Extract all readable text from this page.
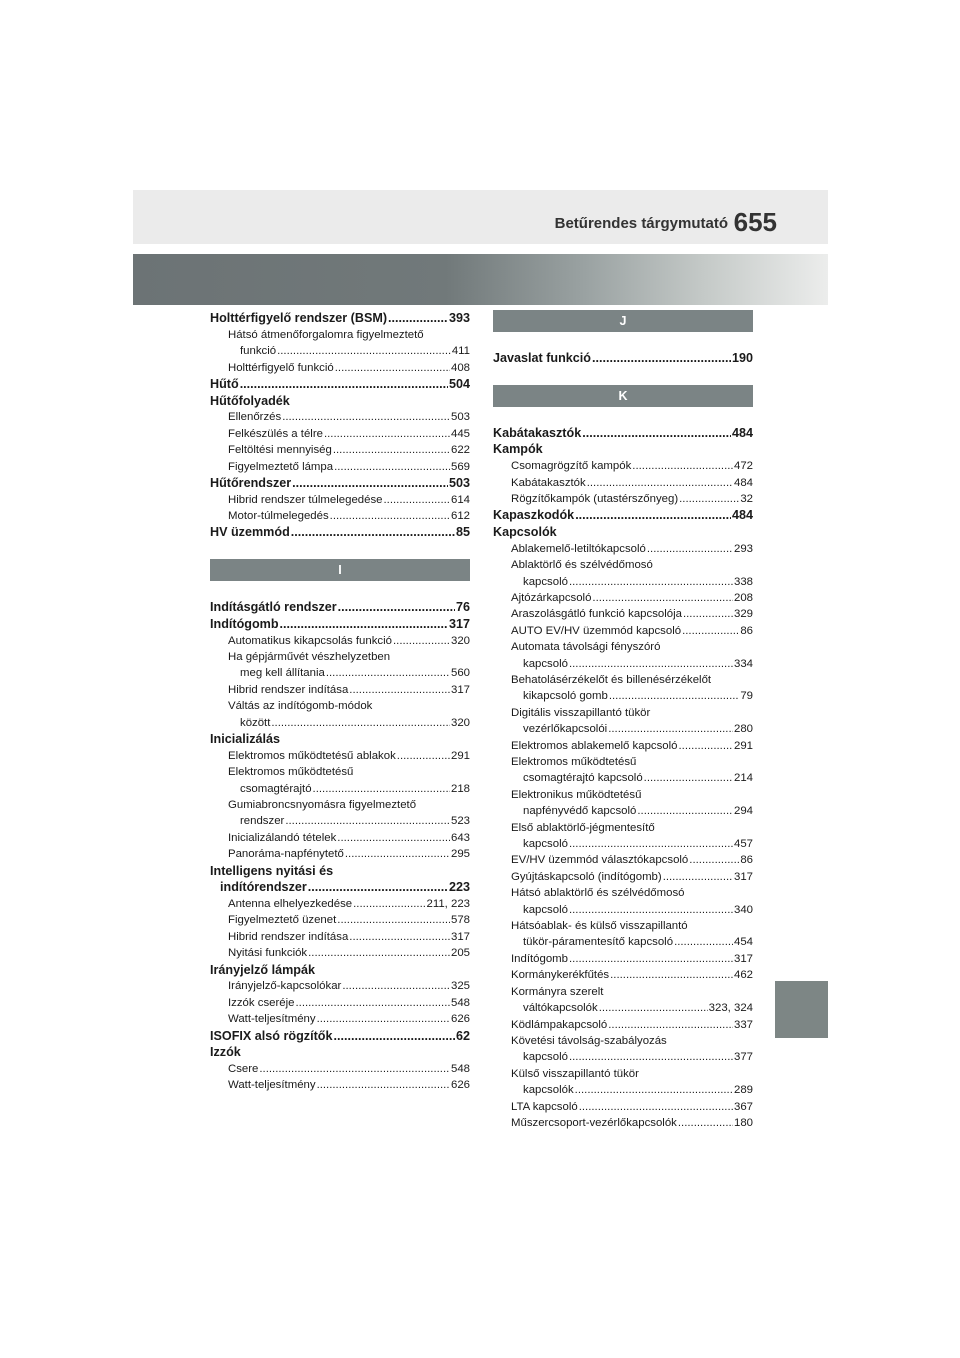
Betűrendes tárgymutató 655
Holttérfigyelő rendszer (BSM) .....	393
Hátsó átmenőforgalomra figyelmeztető
funkció .....	411
Holttérfigyelő funkció .....	408
Hűtő .....	504
Hűtőfolyadék
Ellenőrzés .....	503
Felkészülés a télre .....	445
Feltöltési mennyiség .....	622
Figyelmeztető lámpa .....	569
Hűtőrendszer .....	503
Hibrid rendszer túlmelegedése .....	614
Motor-túlmelegedés .....	612
HV üzemmód .....	85
I
Indításgátló rendszer .....	76
Indítógomb .....	317
Automatikus kikapcsolás funkció .....	320
Ha gépjárművét vészhelyzetben
meg kell állítania .....	560
Hibrid rendszer indítása .....	317
Váltás az indítógomb-módok
között .....	320
Inicializálás
Elektromos működtetésű ablakok .....	291
Elektromos működtetésű
csomagtérajtó .....	218
Gumiabroncsnyomásra figyelmeztető
rendszer .....	523
Inicializálandó tételek .....	643
Panoráma-napfénytető .....	295
Intelligens nyitási és
indítórendszer .....	223
Antenna elhelyezkedése .....	211, 223
Figyelmeztető üzenet .....	578
Hibrid rendszer indítása .....	317
Nyitási funkciók .....	205
Irányjelző lámpák
Irányjelző-kapcsolókar .....	325
Izzók cseréje .....	548
Watt-teljesítmény .....	626
ISOFIX alsó rögzítők .....	62
Izzók
Csere .....	548
Watt-teljesítmény .....	626
J
Javaslat funkció .....	190
K
Kabátakasztók .....	484
Kampók
Csomagrögzítő kampók .....	472
Kabátakasztók .....	484
Rögzítőkampók (utastérszőnyeg) .....	32
Kapaszkodók .....	484
Kapcsolók
Ablakemelő-letiltókapcsoló .....	293
Ablaktörlő és szélvédőmosó
kapcsoló .....	338
Ajtózárkapcsoló .....	208
Araszolásgátló funkció kapcsolója .....	329
AUTO EV/HV üzemmód kapcsoló .....	86
Automata távolsági fényszóró
kapcsoló .....	334
Behatolásérzékelőt és billenésérzékelőt
kikapcsoló gomb .....	79
Digitális visszapillantó tükör
vezérlőkapcsolói .....	280
Elektromos ablakemelő kapcsoló .....	291
Elektromos működtetésű
csomagtérajtó kapcsoló .....	214
Elektronikus működtetésű
napfényvédő kapcsoló .....	294
Első ablaktörlő-jégmentesítő
kapcsoló .....	457
EV/HV üzemmód választókapcsoló .....	86
Gyújtáskapcsoló (indítógomb) .....	317
Hátsó ablaktörlő és szélvédőmosó
kapcsoló .....	340
Hátsóablak- és külső visszapillantó
tükör-páramentesítő kapcsoló .....	454
Indítógomb .....	317
Kormánykerékfűtés .....	462
Kormányra szerelt
váltókapcsolók .....	323, 324
Ködlámpakapcsoló .....	337
Követési távolság-szabályozás
kapcsoló .....	377
Külső visszapillantó tükör
kapcsolók .....	289
LTA kapcsoló .....	367
Műszercsoport-vezérlőkapcsolók .....	180
